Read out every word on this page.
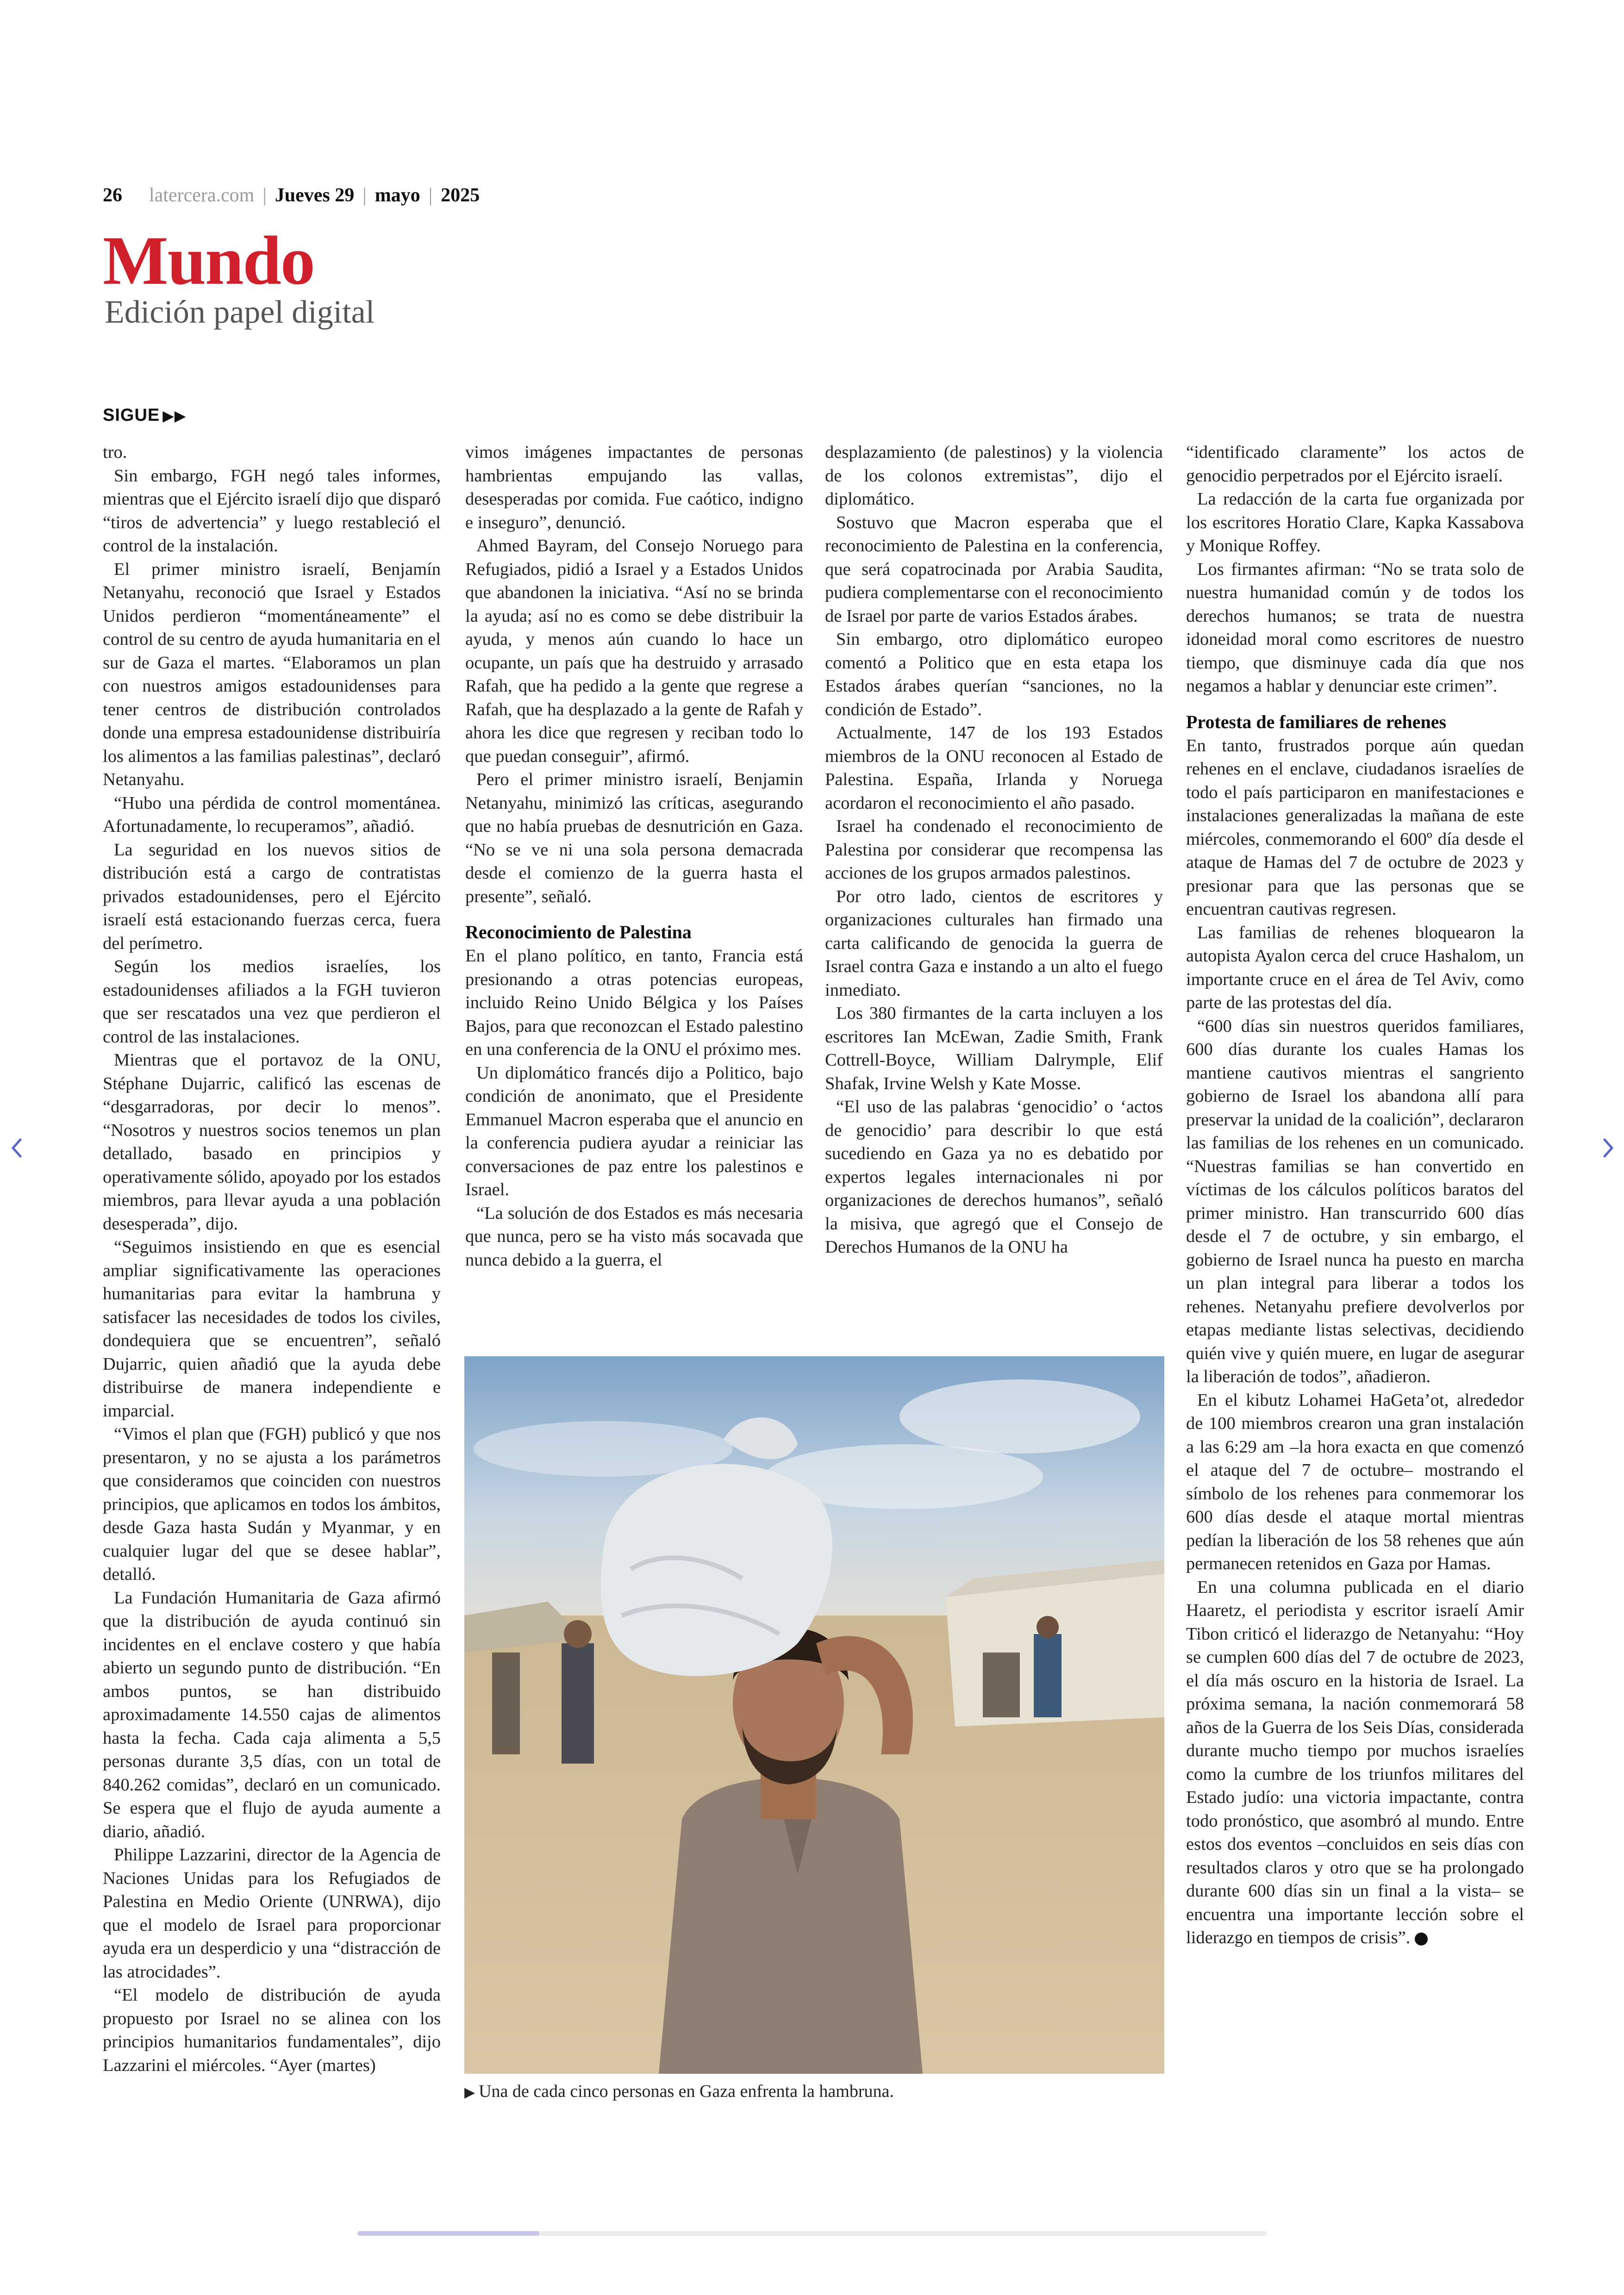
26 latercera.com | Jueves 29 | mayo | 2025
Mundo
Edición papel digital
SIGUE ▶▶

tro.

Sin embargo, FGH negó tales informes, mientras que el Ejército israelí dijo que disparó “tiros de advertencia” y luego restableció el control de la instalación.

El primer ministro israelí, Benjamín Netanyahu, reconoció que Israel y Estados Unidos perdieron “momentáneamente” el control de su centro de ayuda humanitaria en el sur de Gaza el martes. “Elaboramos un plan con nuestros amigos estadounidenses para tener centros de distribución controlados donde una empresa estadounidense distribuiría los alimentos a las familias palestinas”, declaró Netanyahu.

“Hubo una pérdida de control momentánea. Afortunadamente, lo recuperamos”, añadió.

La seguridad en los nuevos sitios de distribución está a cargo de contratistas privados estadounidenses, pero el Ejército israelí está estacionando fuerzas cerca, fuera del perímetro.

Según los medios israelíes, los estadounidenses afiliados a la FGH tuvieron que ser rescatados una vez que perdieron el control de las instalaciones.

Mientras que el portavoz de la ONU, Stéphane Dujarric, calificó las escenas de “desgarradoras, por decir lo menos”. “Nosotros y nuestros socios tenemos un plan detallado, basado en principios y operativamente sólido, apoyado por los estados miembros, para llevar ayuda a una población desesperada”, dijo.

“Seguimos insistiendo en que es esencial ampliar significativamente las operaciones humanitarias para evitar la hambruna y satisfacer las necesidades de todos los civiles, dondequiera que se encuentren”, señaló Dujarric, quien añadió que la ayuda debe distribuirse de manera independiente e imparcial.

“Vimos el plan que (FGH) publicó y que nos presentaron, y no se ajusta a los parámetros que consideramos que coinciden con nuestros principios, que aplicamos en todos los ámbitos, desde Gaza hasta Sudán y Myanmar, y en cualquier lugar del que se desee hablar”, detalló.

La Fundación Humanitaria de Gaza afirmó que la distribución de ayuda continuó sin incidentes en el enclave costero y que había abierto un segundo punto de distribución. “En ambos puntos, se han distribuido aproximadamente 14.550 cajas de alimentos hasta la fecha. Cada caja alimenta a 5,5 personas durante 3,5 días, con un total de 840.262 comidas”, declaró en un comunicado. Se espera que el flujo de ayuda aumente a diario, añadió.

Philippe Lazzarini, director de la Agencia de Naciones Unidas para los Refugiados de Palestina en Medio Oriente (UNRWA), dijo que el modelo de Israel para proporcionar ayuda era un desperdicio y una “distracción de las atrocidades”.

“El modelo de distribución de ayuda propuesto por Israel no se alinea con los principios humanitarios fundamentales”, dijo Lazzarini el miércoles. “Ayer (martes)

vimos imágenes impactantes de personas hambrientas empujando las vallas, desesperadas por comida. Fue caótico, indigno e inseguro”, denunció.

Ahmed Bayram, del Consejo Noruego para Refugiados, pidió a Israel y a Estados Unidos que abandonen la iniciativa. “Así no se brinda la ayuda; así no es como se debe distribuir la ayuda, y menos aún cuando lo hace un ocupante, un país que ha destruido y arrasado Rafah, que ha pedido a la gente que regrese a Rafah, que ha desplazado a la gente de Rafah y ahora les dice que regresen y reciban todo lo que puedan conseguir”, afirmó.

Pero el primer ministro israelí, Benjamin Netanyahu, minimizó las críticas, asegurando que no había pruebas de desnutrición en Gaza. “No se ve ni una sola persona demacrada desde el comienzo de la guerra hasta el presente”, señaló.

Reconocimiento de Palestina

En el plano político, en tanto, Francia está presionando a otras potencias europeas, incluido Reino Unido Bélgica y los Países Bajos, para que reconozcan el Estado palestino en una conferencia de la ONU el próximo mes.

Un diplomático francés dijo a Politico, bajo condición de anonimato, que el Presidente Emmanuel Macron esperaba que el anuncio en la conferencia pudiera ayudar a reiniciar las conversaciones de paz entre los palestinos e Israel.

“La solución de dos Estados es más necesaria que nunca, pero se ha visto más socavada que nunca debido a la guerra, el

desplazamiento (de palestinos) y la violencia de los colonos extremistas”, dijo el diplomático.

Sostuvo que Macron esperaba que el reconocimiento de Palestina en la conferencia, que será copatrocinada por Arabia Saudita, pudiera complementarse con el reconocimiento de Israel por parte de varios Estados árabes.

Sin embargo, otro diplomático europeo comentó a Politico que en esta etapa los Estados árabes querían “sanciones, no la condición de Estado”.

Actualmente, 147 de los 193 Estados miembros de la ONU reconocen al Estado de Palestina. España, Irlanda y Noruega acordaron el reconocimiento el año pasado.

Israel ha condenado el reconocimiento de Palestina por considerar que recompensa las acciones de los grupos armados palestinos.

Por otro lado, cientos de escritores y organizaciones culturales han firmado una carta calificando de genocida la guerra de Israel contra Gaza e instando a un alto el fuego inmediato.

Los 380 firmantes de la carta incluyen a los escritores Ian McEwan, Zadie Smith, Frank Cottrell-Boyce, William Dalrymple, Elif Shafak, Irvine Welsh y Kate Mosse.

“El uso de las palabras ‘genocidio’ o ‘actos de genocidio’ para describir lo que está sucediendo en Gaza ya no es debatido por expertos legales internacionales ni por organizaciones de derechos humanos”, señaló la misiva, que agregó que el Consejo de Derechos Humanos de la ONU ha

“identificado claramente” los actos de genocidio perpetrados por el Ejército israelí.

La redacción de la carta fue organizada por los escritores Horatio Clare, Kapka Kassabova y Monique Roffey.

Los firmantes afirman: “No se trata solo de nuestra humanidad común y de todos los derechos humanos; se trata de nuestra idoneidad moral como escritores de nuestro tiempo, que disminuye cada día que nos negamos a hablar y denunciar este crimen”.

Protesta de familiares de rehenes

En tanto, frustrados porque aún quedan rehenes en el enclave, ciudadanos israelíes de todo el país participaron en manifestaciones e instalaciones generalizadas la mañana de este miércoles, conmemorando el 600º día desde el ataque de Hamas del 7 de octubre de 2023 y presionar para que las personas que se encuentran cautivas regresen.

Las familias de rehenes bloquearon la autopista Ayalon cerca del cruce Hashalom, un importante cruce en el área de Tel Aviv, como parte de las protestas del día.

“600 días sin nuestros queridos familiares, 600 días durante los cuales Hamas los mantiene cautivos mientras el sangriento gobierno de Israel los abandona allí para preservar la unidad de la coalición”, declararon las familias de los rehenes en un comunicado. “Nuestras familias se han convertido en víctimas de los cálculos políticos baratos del primer ministro. Han transcurrido 600 días desde el 7 de octubre, y sin embargo, el gobierno de Israel nunca ha puesto en marcha un plan integral para liberar a todos los rehenes. Netanyahu prefiere devolverlos por etapas mediante listas selectivas, decidiendo quién vive y quién muere, en lugar de asegurar la liberación de todos”, añadieron.

En el kibutz Lohamei HaGeta’ot, alrededor de 100 miembros crearon una gran instalación a las 6:29 am –la hora exacta en que comenzó el ataque del 7 de octubre– mostrando el símbolo de los rehenes para conmemorar los 600 días desde el ataque mortal mientras pedían la liberación de los 58 rehenes que aún permanecen retenidos en Gaza por Hamas.

En una columna publicada en el diario Haaretz, el periodista y escritor israelí Amir Tibon criticó el liderazgo de Netanyahu: “Hoy se cumplen 600 días del 7 de octubre de 2023, el día más oscuro en la historia de Israel. La próxima semana, la nación conmemorará 58 años de la Guerra de los Seis Días, considerada durante mucho tiempo por muchos israelíes como la cumbre de los triunfos militares del Estado judío: una victoria impactante, contra todo pronóstico, que asombró al mundo. Entre estos dos eventos –concluidos en seis días con resultados claros y otro que se ha prolongado durante 600 días sin un final a la vista– se encuentra una importante lección sobre el liderazgo en tiempos de crisis”.

▶ Una de cada cinco personas en Gaza enfrenta la hambruna.
